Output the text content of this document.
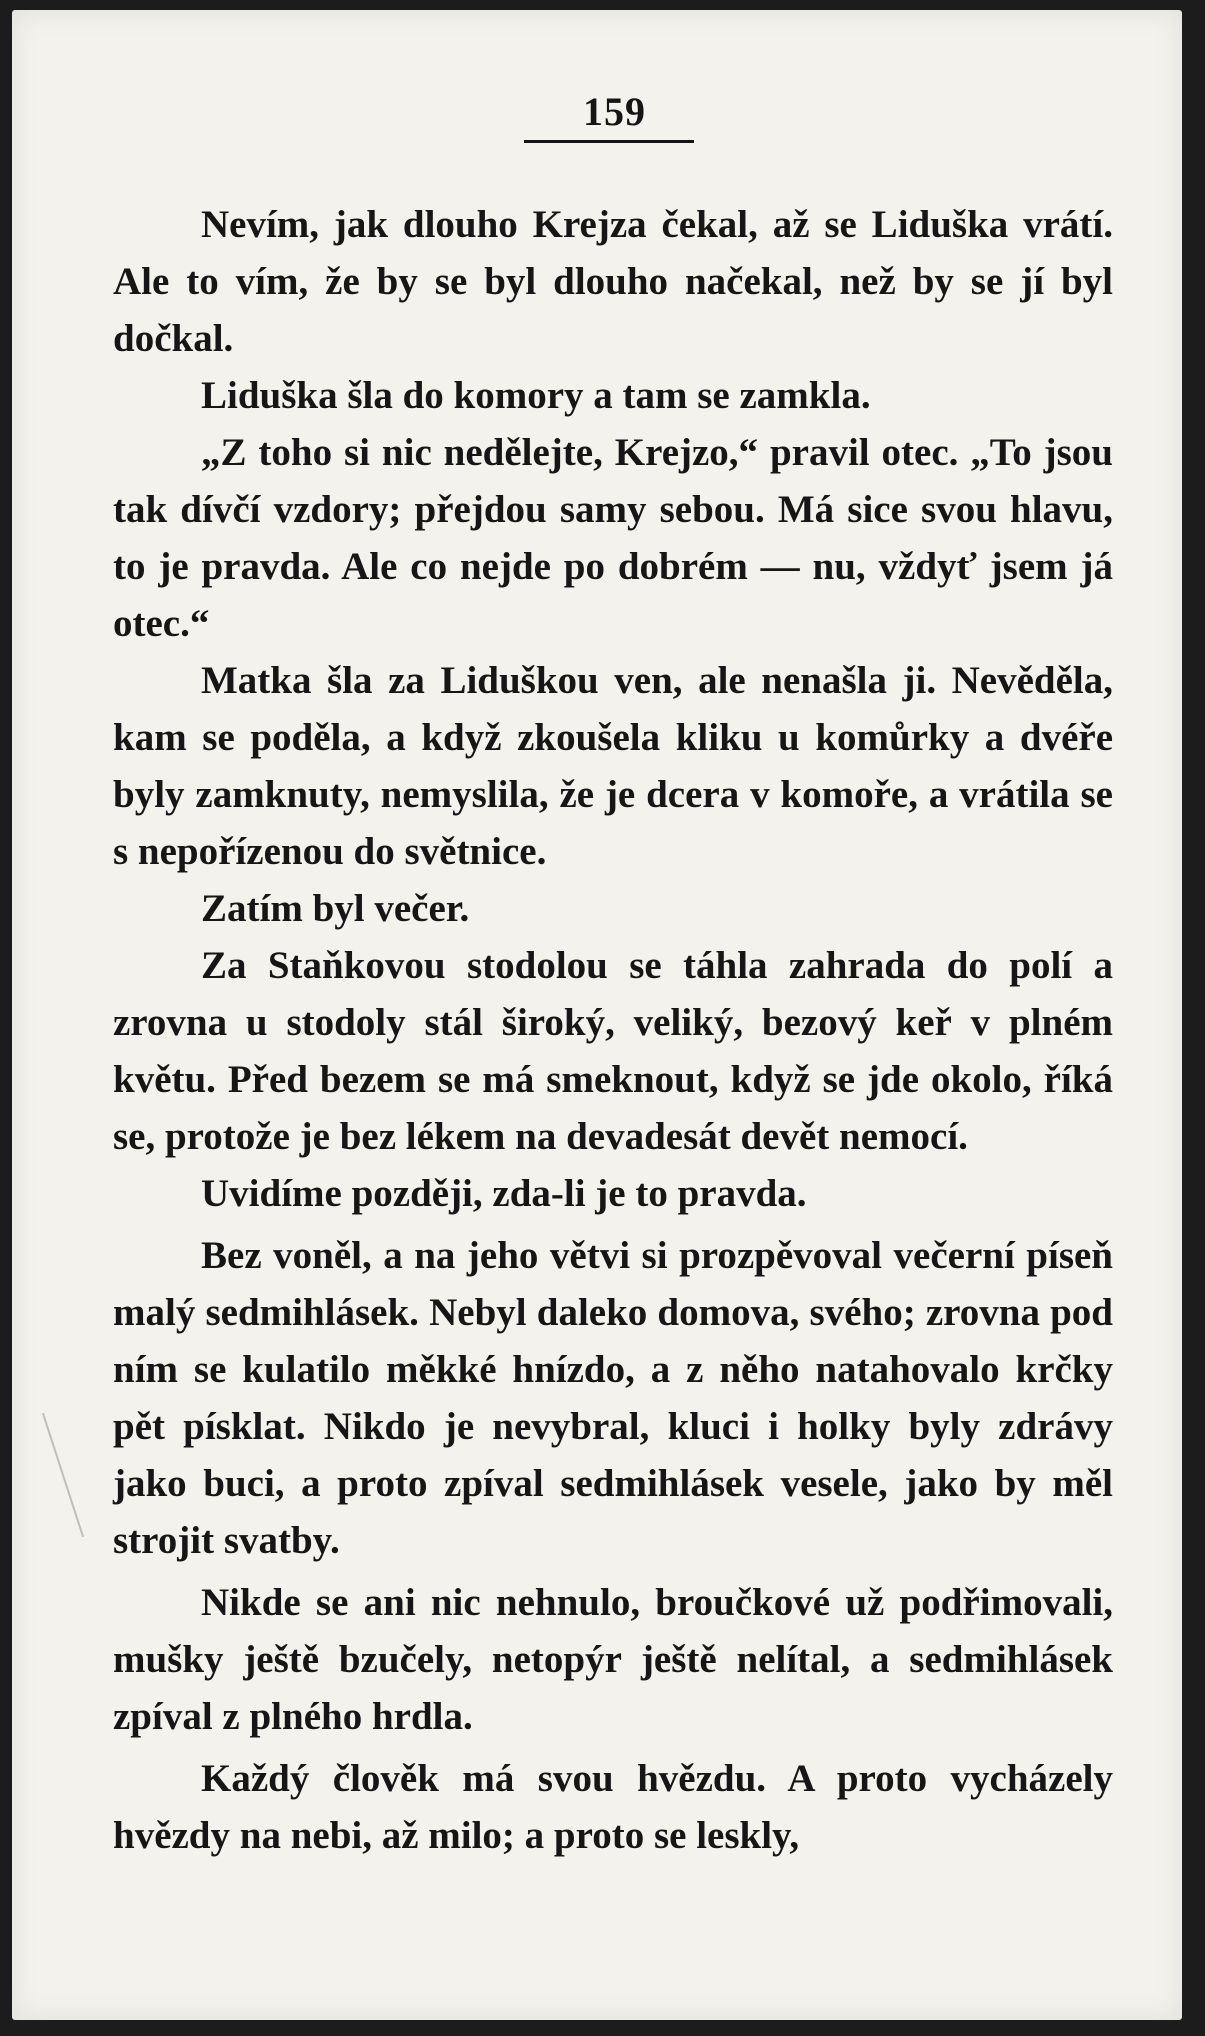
159

Nevím, jak dlouho Krejza čekal, až se Liduška vrátí. Ale to vím, že by se byl dlouho načekal, než by se jí byl dočkal.

Liduška šla do komory a tam se zamkla.

„Z toho si nic nedělejte, Krejzo,“ pravil otec. „To jsou tak dívčí vzdory; přejdou samy sebou. Má sice svou hlavu, to je pravda. Ale co nejde po dobrém — nu, vždyť jsem já otec.“

Matka šla za Liduškou ven, ale nenašla ji. Nevěděla, kam se poděla, a když zkoušela kliku u komůrky a dvéře byly zamknuty, nemyslila, že je dcera v komoře, a vrátila se s nepořízenou do světnice.

Zatím byl večer.

Za Staňkovou stodolou se táhla zahrada do polí a zrovna u stodoly stál široký, veliký, bezový keř v plném květu. Před bezem se má smeknout, když se jde okolo, říká se, protože je bez lékem na devadesát devět nemocí.

Uvidíme později, zda-li je to pravda.

Bez voněl, a na jeho větvi si prozpěvoval večerní píseň malý sedmihlásek. Nebyl daleko domova, svého; zrovna pod ním se kulatilo měkké hnízdo, a z něho natahovalo krčky pět písklat. Nikdo je nevybral, kluci i holky byly zdrávy jako buci, a proto zpíval sedmihlásek vesele, jako by měl strojit svatby.

Nikde se ani nic nehnulo, broučkové už podřimovali, mušky ještě bzučely, netopýr ještě nelítal, a sedmihlásek zpíval z plného hrdla.

Každý člověk má svou hvězdu. A proto vycházely hvězdy na nebi, až milo; a proto se leskly,
